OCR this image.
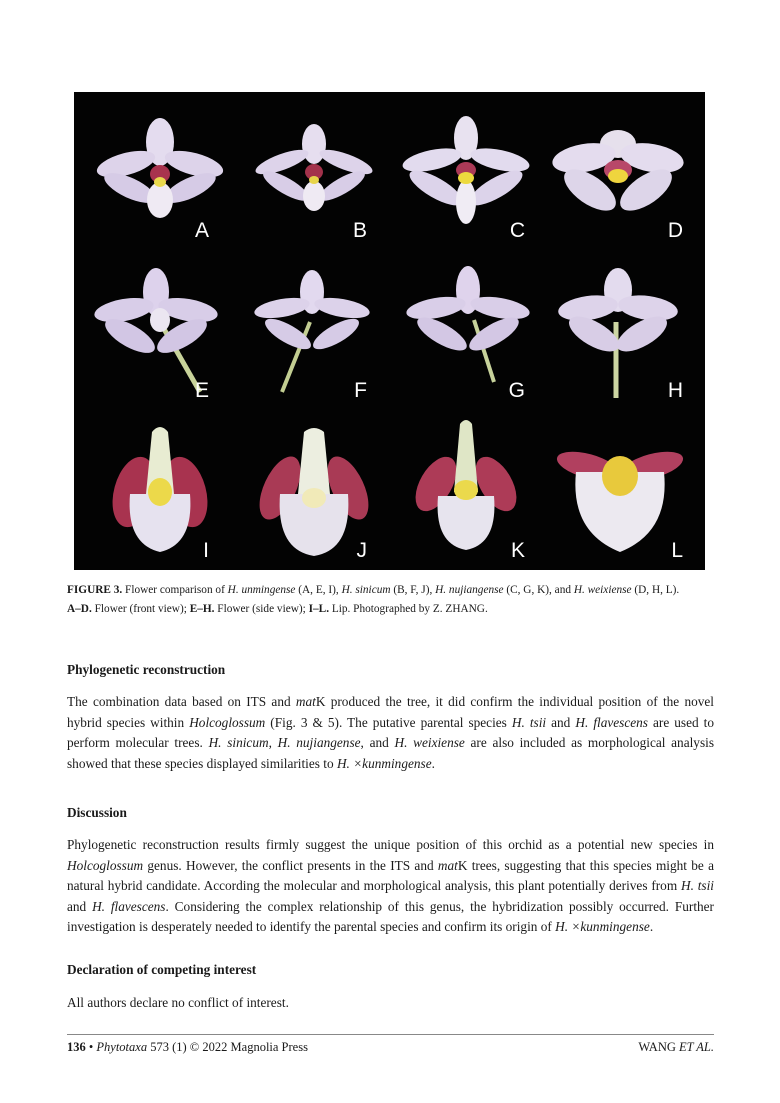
A	B	C	D
E	F	G	H
I	J	K	L
FIGURE 3. Flower comparison of H. unmingense (A, E, I), H. sinicum (B, F, J), H. nujiangense (C, G, K), and H. weixiense (D, H, L).
A–D. Flower (front view); E–H. Flower (side view); I–L. Lip. Photographed by Z. ZHANG.
Phylogenetic reconstruction
The combination data based on ITS and matK produced the tree, it did confirm the individual position of the novel hybrid species within Holcoglossum (Fig. 3 & 5). The putative parental species H. tsii and H. flavescens are used to perform molecular trees. H. sinicum, H. nujiangense, and H. weixiense are also included as morphological analysis showed that these species displayed similarities to H. ×kunmingense.
Discussion
Phylogenetic reconstruction results firmly suggest the unique position of this orchid as a potential new species in Holcoglossum genus. However, the conflict presents in the ITS and matK trees, suggesting that this species might be a natural hybrid candidate. According the molecular and morphological analysis, this plant potentially derives from H. tsii and H. flavescens. Considering the complex relationship of this genus, the hybridization possibly occurred. Further investigation is desperately needed to identify the parental species and confirm its origin of H. ×kunmingense.
Declaration of competing interest
All authors declare no conflict of interest.
136 • Phytotaxa 573 (1) © 2022 Magnolia Press	WANG ET AL.
